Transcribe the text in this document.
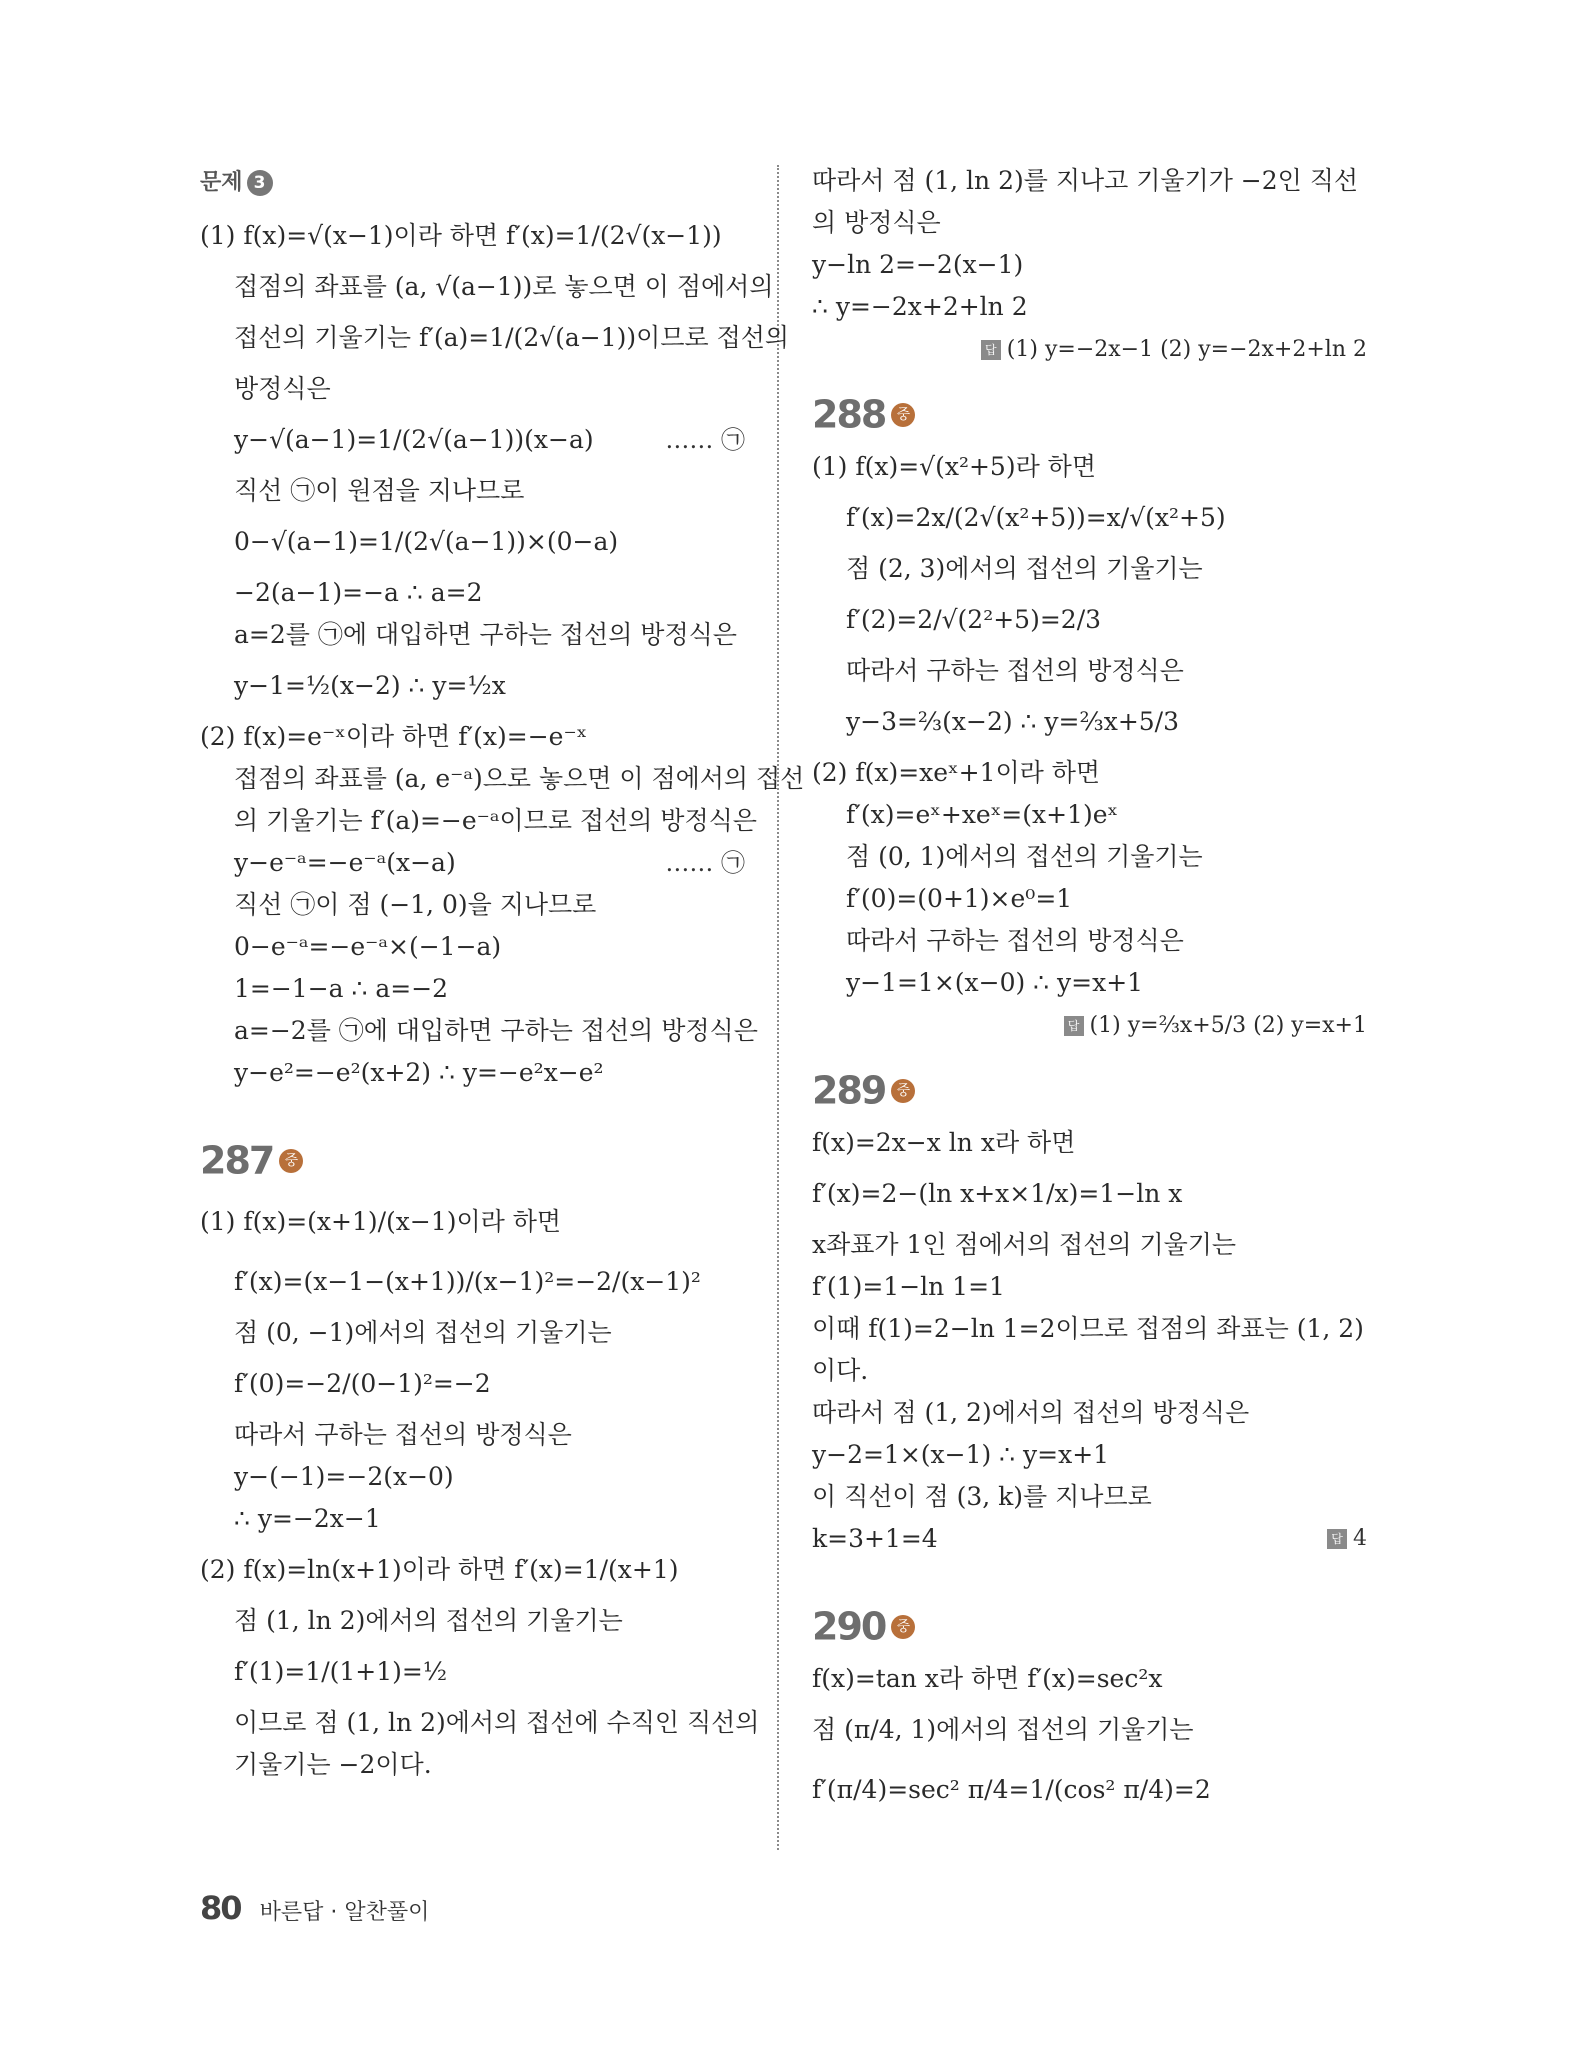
문제 3
(1) f(x)=√(x−1)이라 하면 f′(x)=1/(2√(x−1))
접점의 좌표를 (a, √(a−1))로 놓으면 이 점에서의
접선의 기울기는 f′(a)=1/(2√(a−1))이므로 접선의
방정식은
y−√(a−1)=1/(2√(a−1))(x−a)	…… ㉠
직선 ㉠이 원점을 지나므로
0−√(a−1)=1/(2√(a−1))×(0−a)
−2(a−1)=−a ∴ a=2
a=2를 ㉠에 대입하면 구하는 접선의 방정식은
y−1=½(x−2) ∴ y=½x
(2) f(x)=e⁻ˣ이라 하면 f′(x)=−e⁻ˣ
접점의 좌표를 (a, e⁻ᵃ)으로 놓으면 이 점에서의 접선
의 기울기는 f′(a)=−e⁻ᵃ이므로 접선의 방정식은
y−e⁻ᵃ=−e⁻ᵃ(x−a)	…… ㉠
직선 ㉠이 점 (−1, 0)을 지나므로
0−e⁻ᵃ=−e⁻ᵃ×(−1−a)
1=−1−a ∴ a=−2
a=−2를 ㉠에 대입하면 구하는 접선의 방정식은
y−e²=−e²(x+2) ∴ y=−e²x−e²
287 중
(1) f(x)=(x+1)/(x−1)이라 하면
f′(x)=(x−1−(x+1))/(x−1)²=−2/(x−1)²
점 (0, −1)에서의 접선의 기울기는
f′(0)=−2/(0−1)²=−2
따라서 구하는 접선의 방정식은
y−(−1)=−2(x−0)
∴ y=−2x−1
(2) f(x)=ln(x+1)이라 하면 f′(x)=1/(x+1)
점 (1, ln 2)에서의 접선의 기울기는
f′(1)=1/(1+1)=½
이므로 점 (1, ln 2)에서의 접선에 수직인 직선의
기울기는 −2이다.
따라서 점 (1, ln 2)를 지나고 기울기가 −2인 직선
의 방정식은
y−ln 2=−2(x−1)
∴ y=−2x+2+ln 2
답 (1) y=−2x−1 (2) y=−2x+2+ln 2
288 중
(1) f(x)=√(x²+5)라 하면
f′(x)=2x/(2√(x²+5))=x/√(x²+5)
점 (2, 3)에서의 접선의 기울기는
f′(2)=2/√(2²+5)=2/3
따라서 구하는 접선의 방정식은
y−3=⅔(x−2) ∴ y=⅔x+5/3
(2) f(x)=xeˣ+1이라 하면
f′(x)=eˣ+xeˣ=(x+1)eˣ
점 (0, 1)에서의 접선의 기울기는
f′(0)=(0+1)×e⁰=1
따라서 구하는 접선의 방정식은
y−1=1×(x−0) ∴ y=x+1
답 (1) y=⅔x+5/3 (2) y=x+1
289 중
f(x)=2x−x ln x라 하면
f′(x)=2−(ln x+x×1/x)=1−ln x
x좌표가 1인 점에서의 접선의 기울기는
f′(1)=1−ln 1=1
이때 f(1)=2−ln 1=2이므로 접점의 좌표는 (1, 2)
이다.
따라서 점 (1, 2)에서의 접선의 방정식은
y−2=1×(x−1) ∴ y=x+1
이 직선이 점 (3, k)를 지나므로
k=3+1=4	답 4
290 중
f(x)=tan x라 하면 f′(x)=sec²x
점 (π/4, 1)에서의 접선의 기울기는
f′(π/4)=sec² π/4=1/(cos² π/4)=2
80 바른답 · 알찬풀이
